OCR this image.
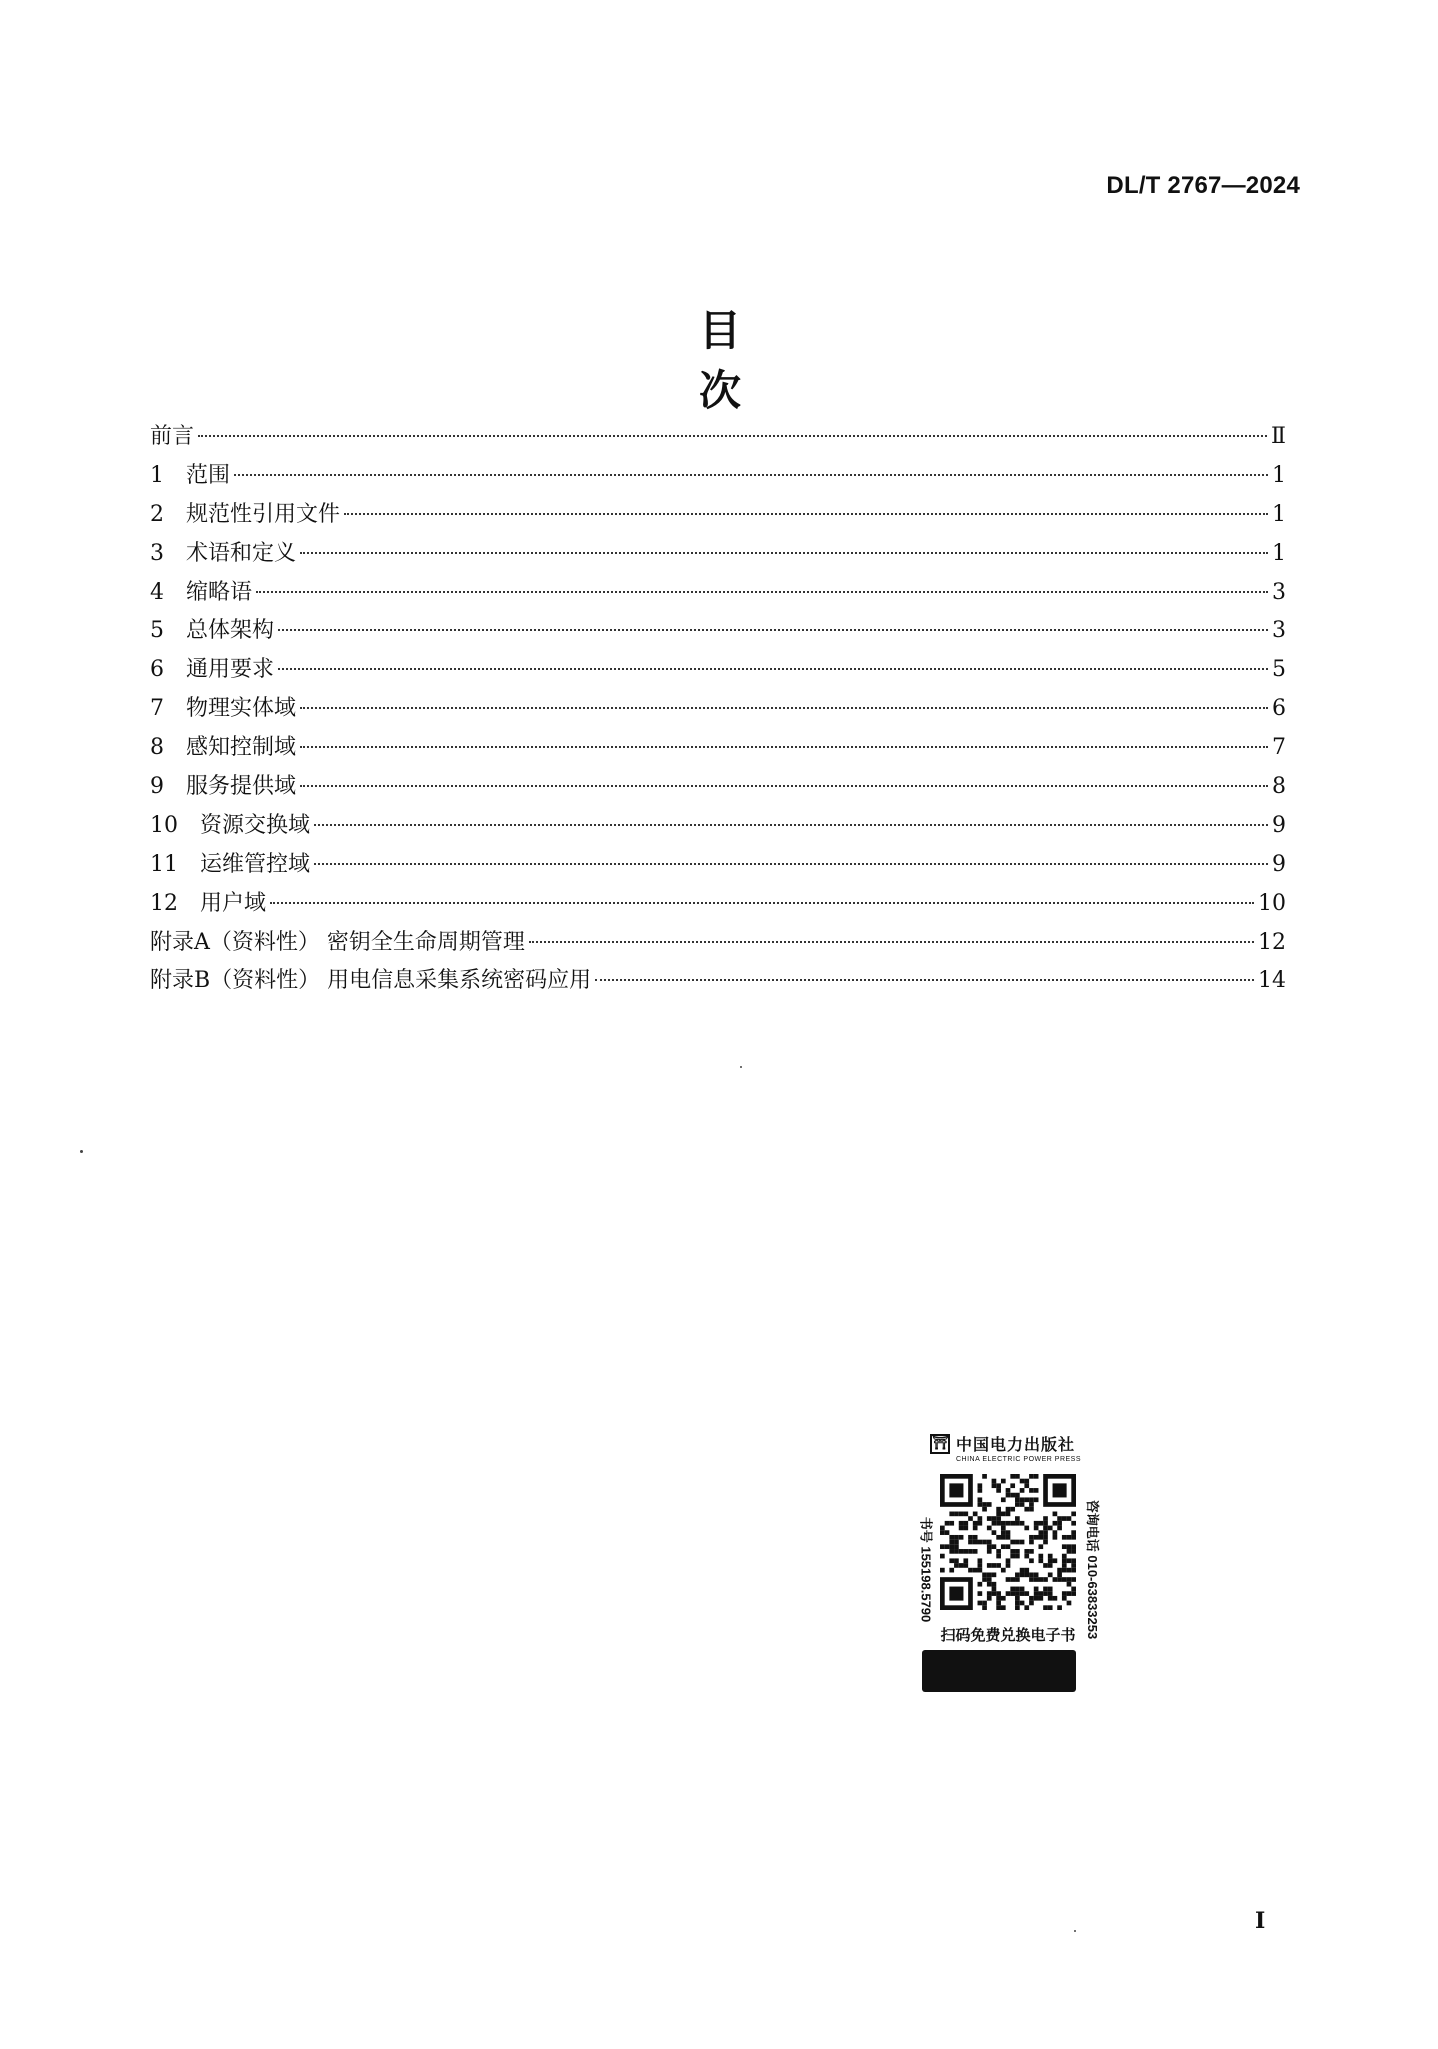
DL/T 2767—2024
目次
前言	Ⅱ
1	范围	1
2	规范性引用文件	1
3	术语和定义	1
4	缩略语	3
5	总体架构	3
6	通用要求	5
7	物理实体域	6
8	感知控制域	7
9	服务提供域	8
10	资源交换域	9
11	运维管控域	9
12	用户域	10
附录A（资料性） 密钥全生命周期管理	12
附录B（资料性） 用电信息采集系统密码应用	14
⛩ 中国电力出版社
CHINA ELECTRIC POWER PRESS
书号 155198.5790	咨询电话 010-63833253
扫码免费兑换电子书
I
